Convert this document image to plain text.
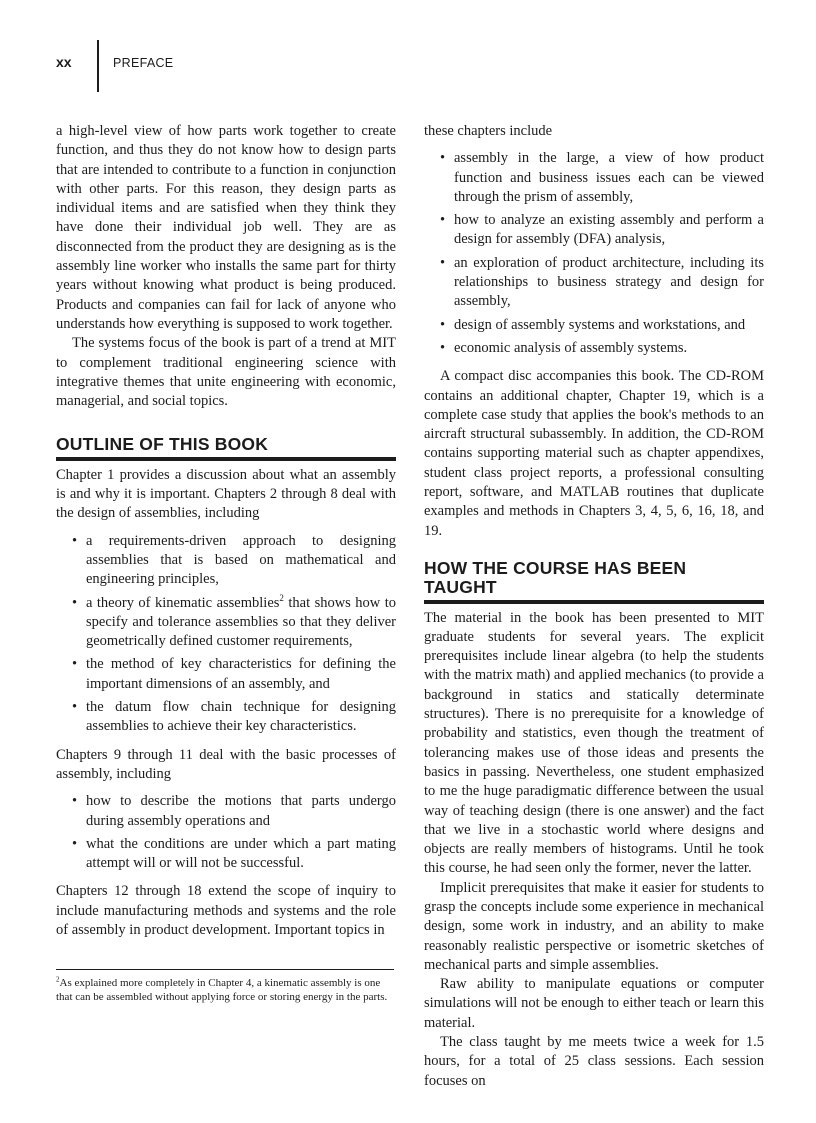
xx	PREFACE

a high-level view of how parts work together to create function, and thus they do not know how to design parts that are intended to contribute to a function in conjunction with other parts. For this reason, they design parts as individual items and are satisfied when they think they have done their individual job well. They are as disconnected from the product they are designing as is the assembly line worker who installs the same part for thirty years without knowing what product is being produced. Products and companies can fail for lack of anyone who understands how everything is supposed to work together.

The systems focus of the book is part of a trend at MIT to complement traditional engineering science with integrative themes that unite engineering with economic, managerial, and social topics.

OUTLINE OF THIS BOOK

Chapter 1 provides a discussion about what an assembly is and why it is important. Chapters 2 through 8 deal with the design of assemblies, including

• a requirements-driven approach to designing assemblies that is based on mathematical and engineering principles,
• a theory of kinematic assemblies$^2$ that shows how to specify and tolerance assemblies so that they deliver geometrically defined customer requirements,
• the method of key characteristics for defining the important dimensions of an assembly, and
• the datum flow chain technique for designing assemblies to achieve their key characteristics.

Chapters 9 through 11 deal with the basic processes of assembly, including

• how to describe the motions that parts undergo during assembly operations and
• what the conditions are under which a part mating attempt will or will not be successful.

Chapters 12 through 18 extend the scope of inquiry to include manufacturing methods and systems and the role of assembly in product development. Important topics in

$^2$As explained more completely in Chapter 4, a kinematic assembly is one that can be assembled without applying force or storing energy in the parts.

these chapters include

• assembly in the large, a view of how product function and business issues each can be viewed through the prism of assembly,
• how to analyze an existing assembly and perform a design for assembly (DFA) analysis,
• an exploration of product architecture, including its relationships to business strategy and design for assembly,
• design of assembly systems and workstations, and
• economic analysis of assembly systems.

A compact disc accompanies this book. The CD-ROM contains an additional chapter, Chapter 19, which is a complete case study that applies the book's methods to an aircraft structural subassembly. In addition, the CD-ROM contains supporting material such as chapter appendixes, student class project reports, a professional consulting report, software, and MATLAB routines that duplicate examples and methods in Chapters 3, 4, 5, 6, 16, 18, and 19.

HOW THE COURSE HAS BEEN TAUGHT

The material in the book has been presented to MIT graduate students for several years. The explicit prerequisites include linear algebra (to help the students with the matrix math) and applied mechanics (to provide a background in statics and statically determinate structures). There is no prerequisite for a knowledge of probability and statistics, even though the treatment of tolerancing makes use of those ideas and presents the basics in passing. Nevertheless, one student emphasized to me the huge paradigmatic difference between the usual way of teaching design (there is one answer) and the fact that we live in a stochastic world where designs and objects are really members of histograms. Until he took this course, he had seen only the former, never the latter.

Implicit prerequisites that make it easier for students to grasp the concepts include some experience in mechanical design, some work in industry, and an ability to make reasonably realistic perspective or isometric sketches of mechanical parts and simple assemblies.

Raw ability to manipulate equations or computer simulations will not be enough to either teach or learn this material.

The class taught by me meets twice a week for 1.5 hours, for a total of 25 class sessions. Each session focuses on
